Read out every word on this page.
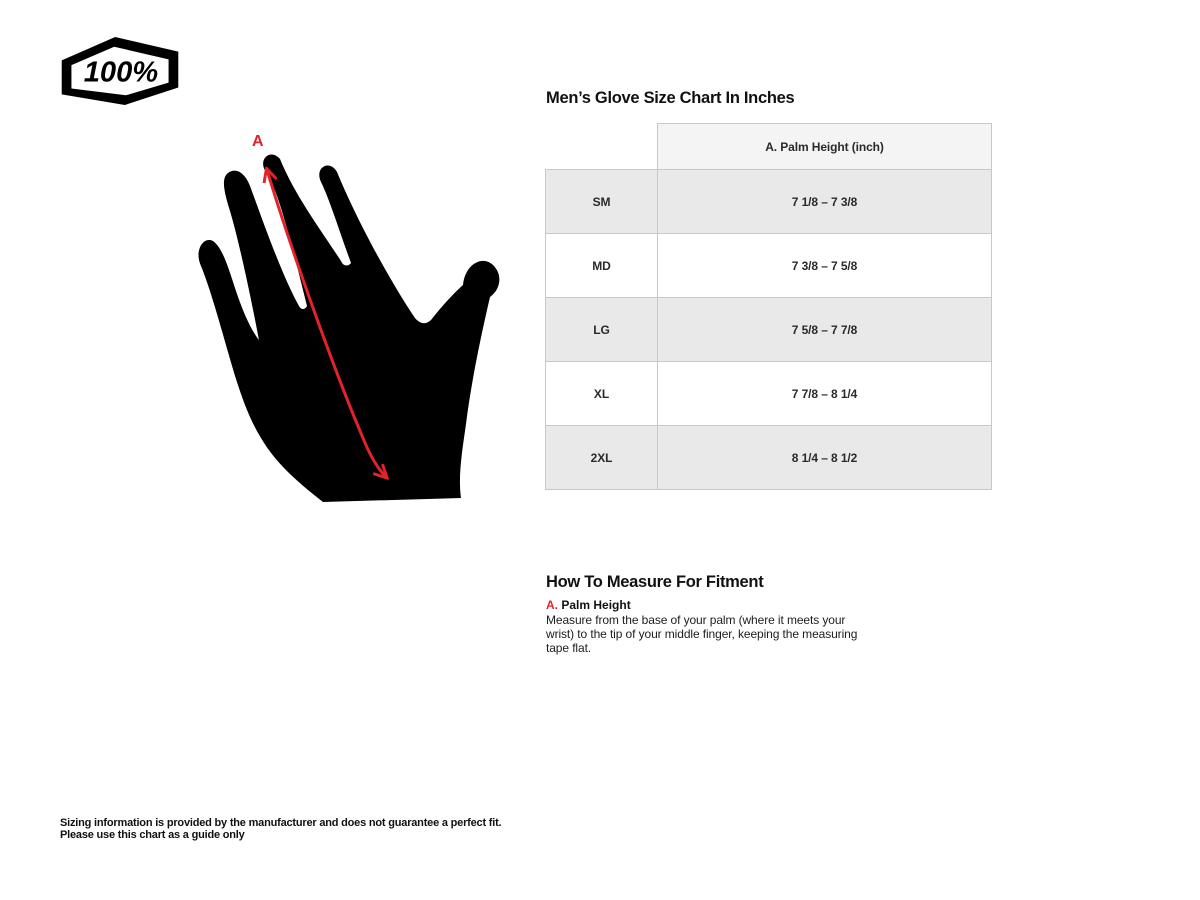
100%
A
Men’s Glove Size Chart In Inches
	A. Palm Height (inch)
SM	7 1/8 – 7 3/8
MD	7 3/8 – 7 5/8
LG	7 5/8 – 7 7/8
XL	7 7/8 – 8 1/4
2XL	8 1/4 – 8 1/2
How To Measure For Fitment
A. Palm Height

Measure from the base of your palm (where it meets your wrist) to the tip of your middle finger, keeping the measuring tape flat.

Sizing information is provided by the manufacturer and does not guarantee a perfect fit.
Please use this chart as a guide only
